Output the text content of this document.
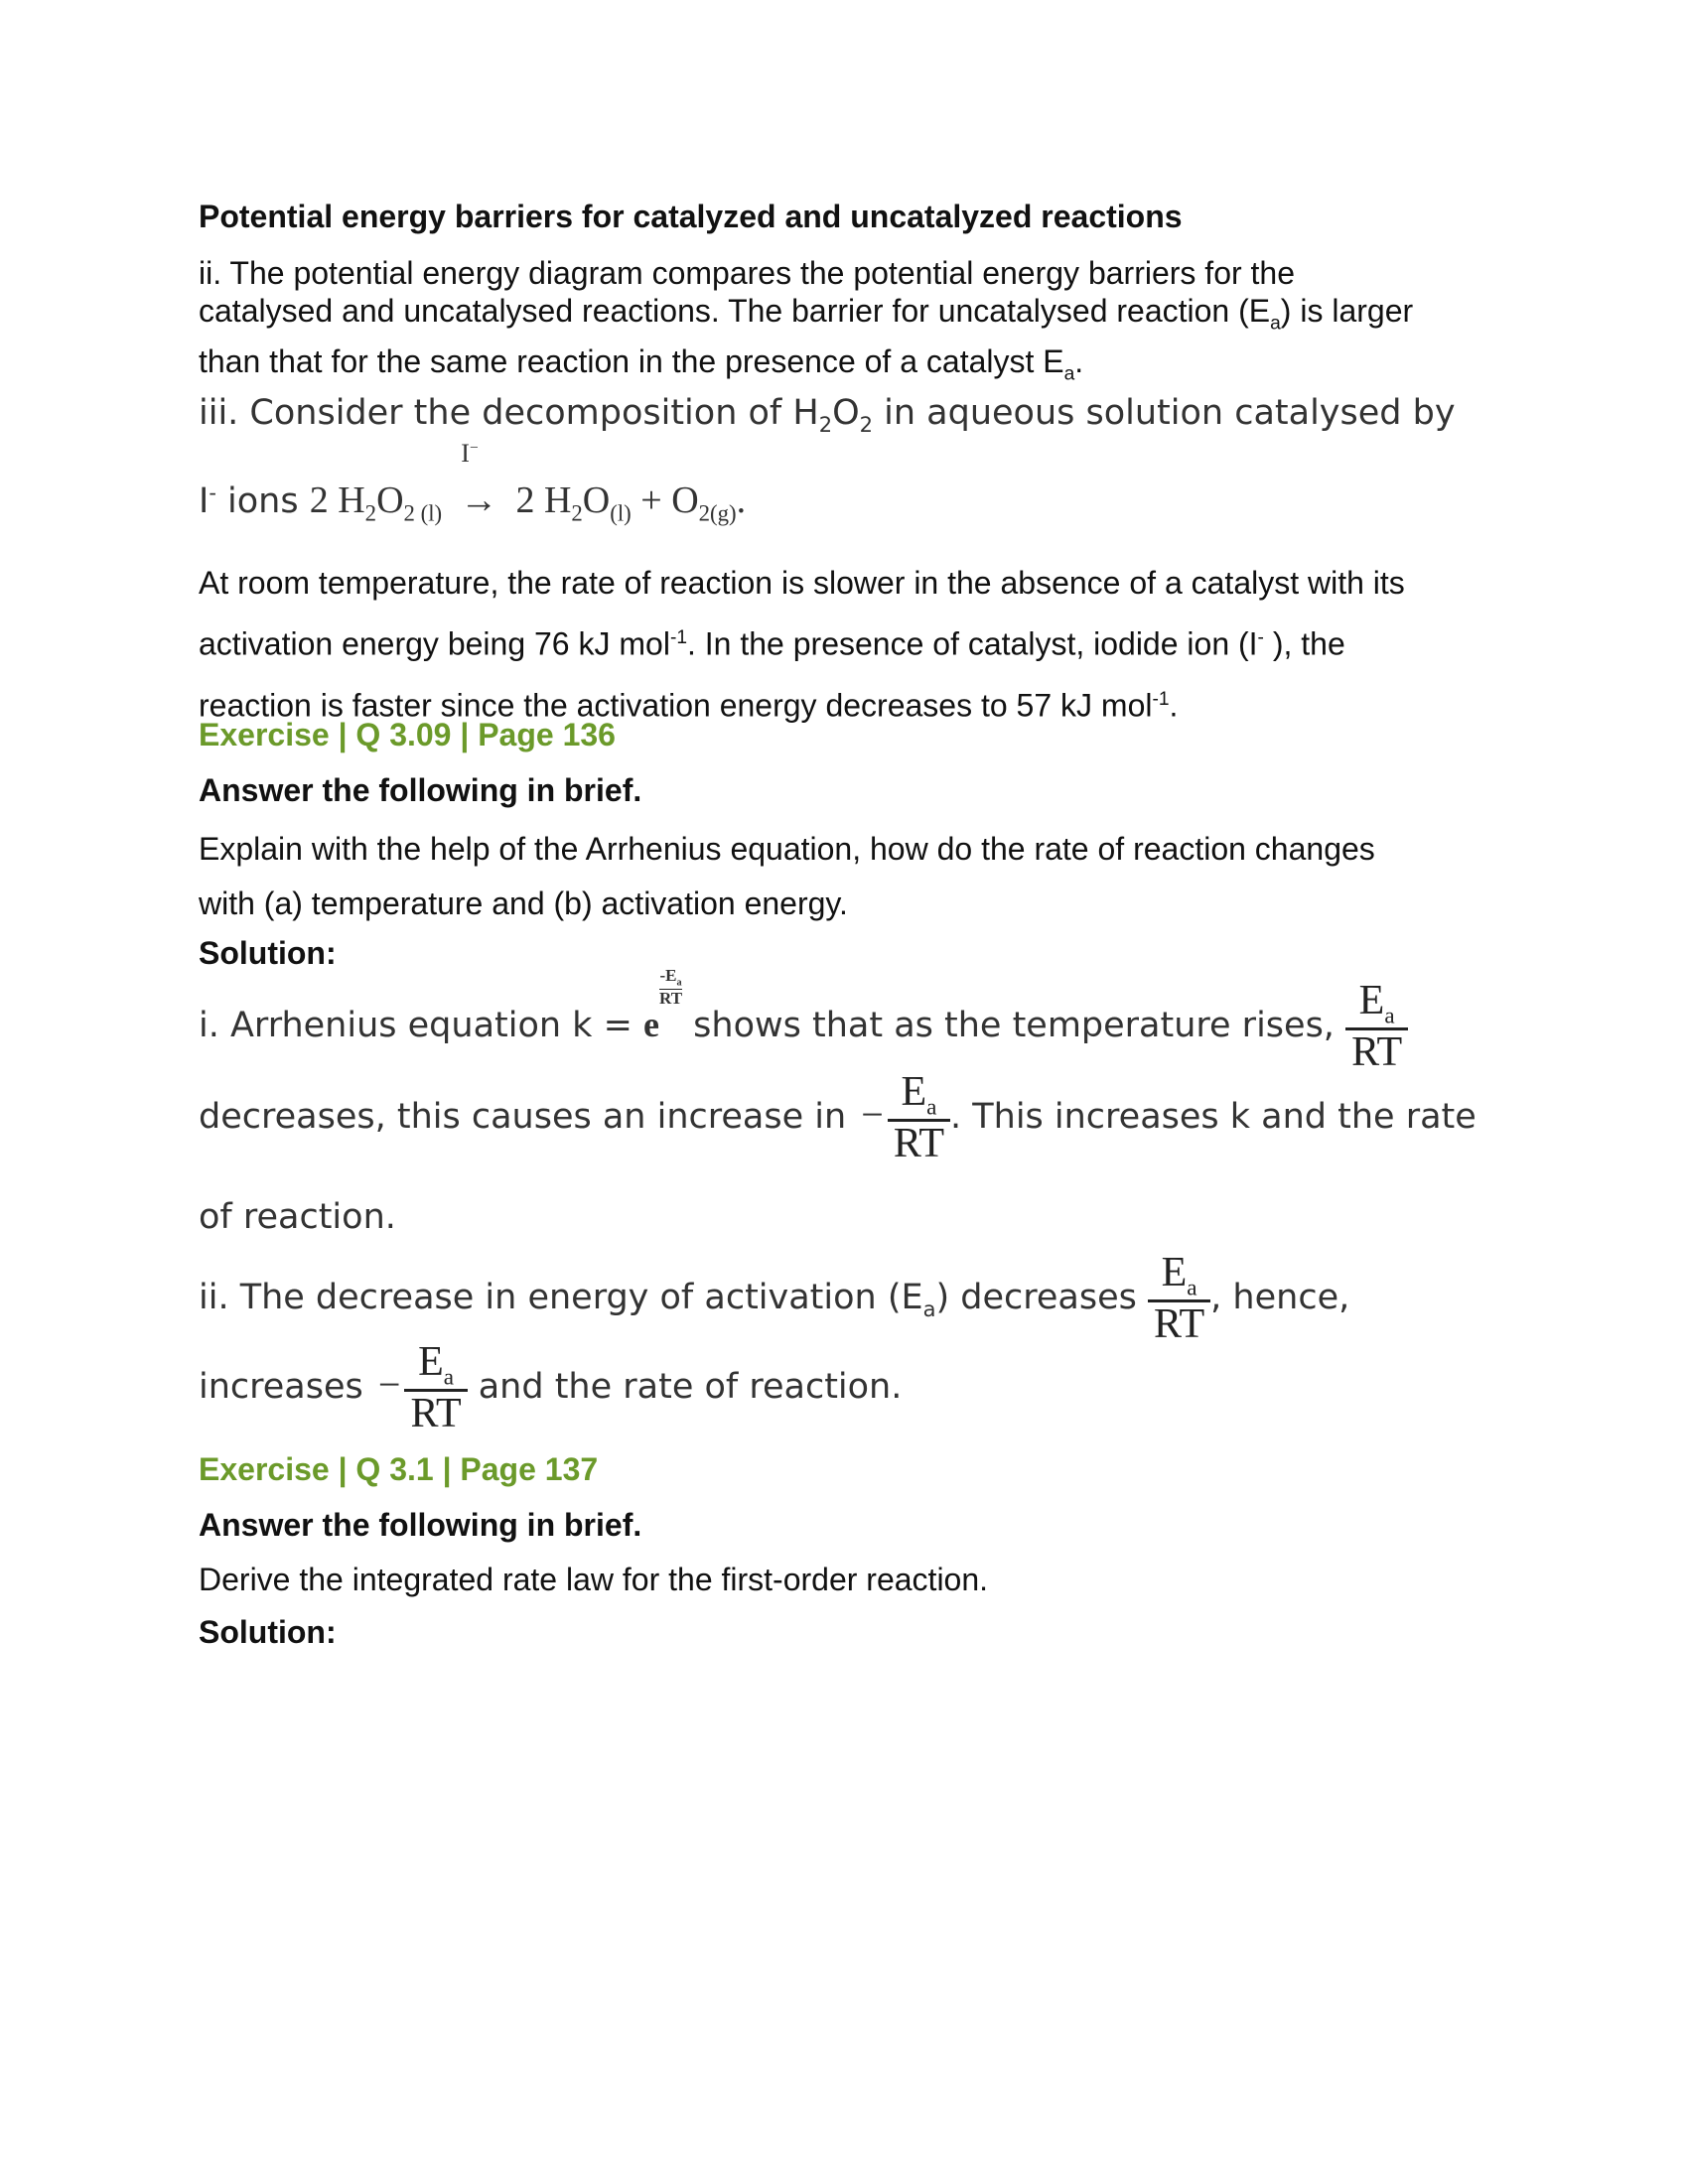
Potential energy barriers for catalyzed and uncatalyzed reactions
ii. The potential energy diagram compares the potential energy barriers for the
catalysed and uncatalysed reactions. The barrier for uncatalysed reaction $(E_a)$ is larger
than that for the same reaction in the presence of a catalyst $E_a$.
iii. Consider the decomposition of $H_2O_2$ in aqueous solution catalysed by
I- ions 2 $H_2O_{2 (l)}$
I−
→ 2 $H_2O_{(l)} + O_{2(g)}$.
At room temperature, the rate of reaction is slower in the absence of a catalyst with its
activation energy being 76 kJ mol$^{-1}$. In the presence of catalyst, iodide ion (I- ), the
reaction is faster since the activation energy decreases to 57 kJ mol$^{-1}$.
Exercise | Q 3.09 | Page 136
Answer the following in brief.
Explain with the help of the Arrhenius equation, how do the rate of reaction changes
with (a) temperature and (b) activation energy.
Solution:
i. Arrhenius equation k = e
$\frac{-E_a}{RT}$ shows that as the temperature rises, $\frac{E_a}{RT}$
decreases, this causes an increase in − $\frac{E_a}{RT}$ . This increases k and the rate
of reaction.
ii. The decrease in energy of activation $(E_a)$ decreases $\frac{E_a}{RT}$ , hence,
increases − $\frac{E_a}{RT}$ and the rate of reaction.
Exercise | Q 3.1 | Page 137
Answer the following in brief.
Derive the integrated rate law for the first-order reaction.
Solution:
